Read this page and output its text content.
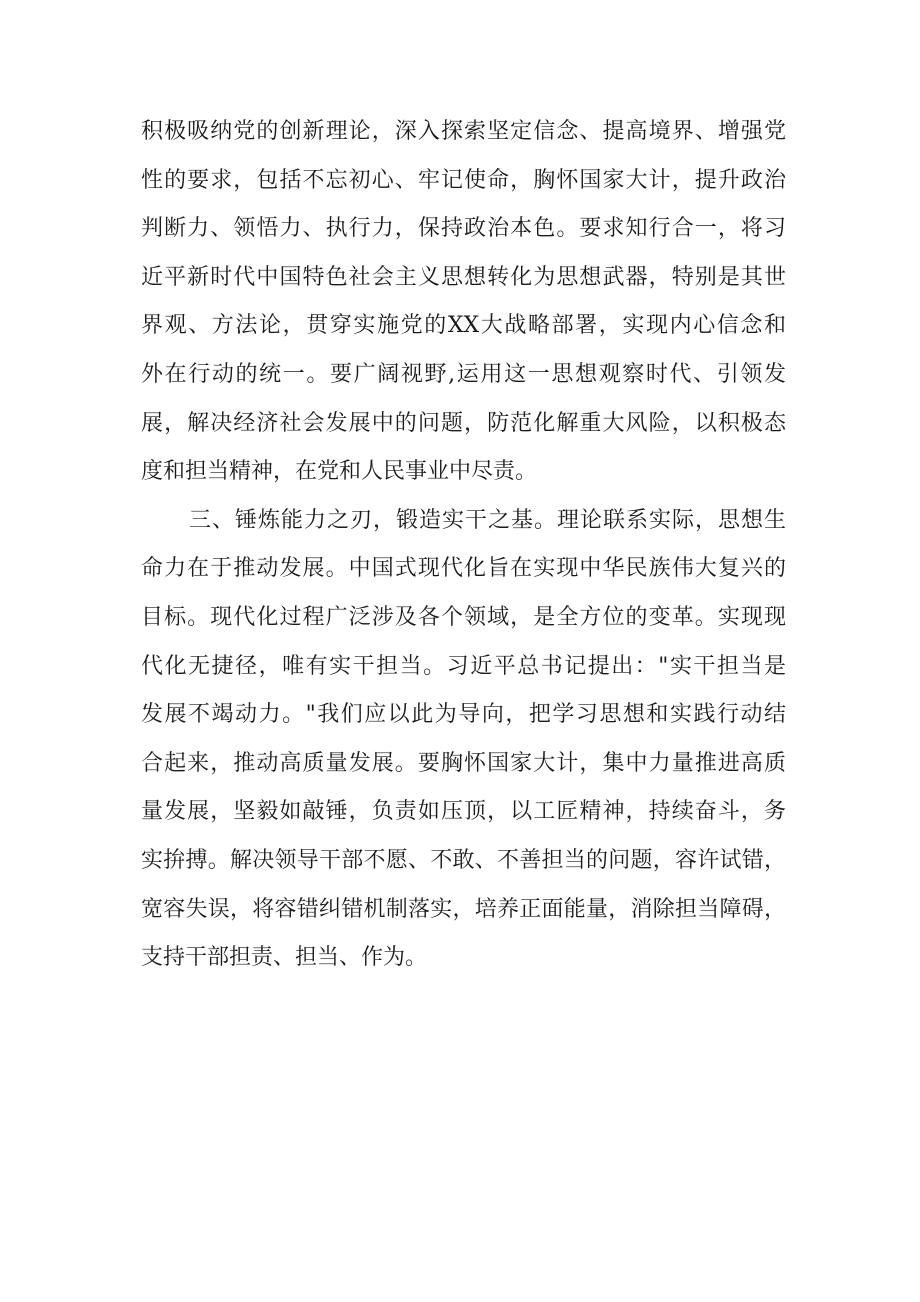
积极吸纳党的创新理论，深入探索坚定信念、提高境界、增强党
性的要求，包括不忘初心、牢记使命，胸怀国家大计，提升政治
判断力、领悟力、执行力，保持政治本色。要求知行合一，将习
近平新时代中国特色社会主义思想转化为思想武器，特别是其世
界观、方法论，贯穿实施党的XX大战略部署，实现内心信念和
外在行动的统一。要广阔视野,运用这一思想观察时代、引领发
展，解决经济社会发展中的问题，防范化解重大风险，以积极态
度和担当精神，在党和人民事业中尽责。
三、锤炼能力之刃，锻造实干之基。理论联系实际，思想生
命力在于推动发展。中国式现代化旨在实现中华民族伟大复兴的
目标。现代化过程广泛涉及各个领域，是全方位的变革。实现现
代化无捷径，唯有实干担当。习近平总书记提出："实干担当是
发展不竭动力。"我们应以此为导向，把学习思想和实践行动结
合起来，推动高质量发展。要胸怀国家大计，集中力量推进高质
量发展，坚毅如敲锤，负责如压顶，以工匠精神，持续奋斗，务
实拚搏。解决领导干部不愿、不敢、不善担当的问题，容许试错，
宽容失误，将容错纠错机制落实，培养正面能量，消除担当障碍，
支持干部担责、担当、作为。
